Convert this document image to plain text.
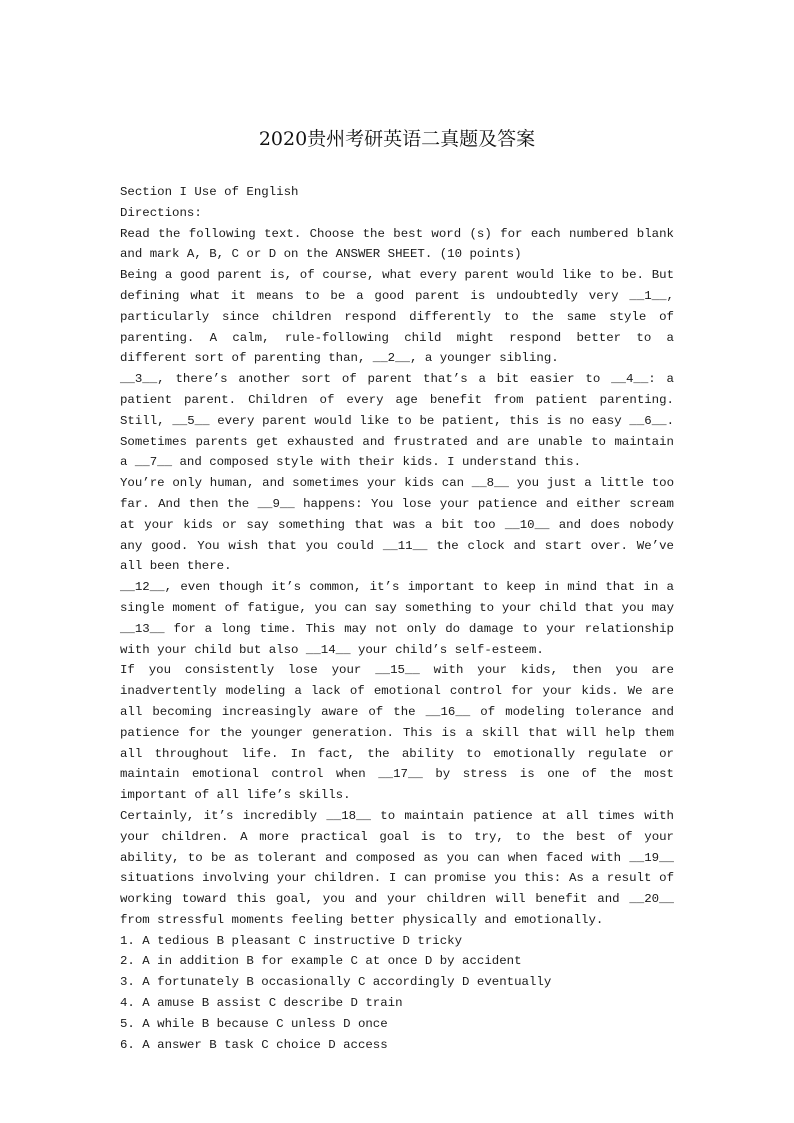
2020贵州考研英语二真题及答案

Section I Use of English

Directions:

Read the following text. Choose the best word (s) for each numbered blank and mark A, B, C or D on the ANSWER SHEET. (10 points)

Being a good parent is, of course, what every parent would like to be. But defining what it means to be a good parent is undoubtedly very __1__, particularly since children respond differently to the same style of parenting. A calm, rule-following child might respond better to a different sort of parenting than, __2__, a younger sibling.

__3__, there’s another sort of parent that’s a bit easier to __4__: a patient parent. Children of every age benefit from patient parenting. Still, __5__ every parent would like to be patient, this is no easy __6__. Sometimes parents get exhausted and frustrated and are unable to maintain a __7__ and composed style with their kids. I understand this.

You’re only human, and sometimes your kids can __8__ you just a little too far. And then the __9__ happens: You lose your patience and either scream at your kids or say something that was a bit too __10__ and does nobody any good. You wish that you could __11__ the clock and start over. We’ve all been there.

__12__, even though it’s common, it’s important to keep in mind that in a single moment of fatigue, you can say something to your child that you may __13__ for a long time. This may not only do damage to your relationship with your child but also __14__ your child’s self-esteem.

If you consistently lose your __15__ with your kids, then you are inadvertently modeling a lack of emotional control for your kids. We are all becoming increasingly aware of the __16__ of modeling tolerance and patience for the younger generation. This is a skill that will help them all throughout life. In fact, the ability to emotionally regulate or maintain emotional control when __17__ by stress is one of the most important of all life’s skills.

Certainly, it’s incredibly __18__ to maintain patience at all times with your children. A more practical goal is to try, to the best of your ability, to be as tolerant and composed as you can when faced with __19__ situations involving your children. I can promise you this: As a result of working toward this goal, you and your children will benefit and __20__ from stressful moments feeling better physically and emotionally.

1. A tedious B pleasant C instructive D tricky
2. A in addition B for example C at once D by accident
3. A fortunately B occasionally C accordingly D eventually
4. A amuse B assist C describe D train
5. A while B because C unless D once
6. A answer B task C choice D access
